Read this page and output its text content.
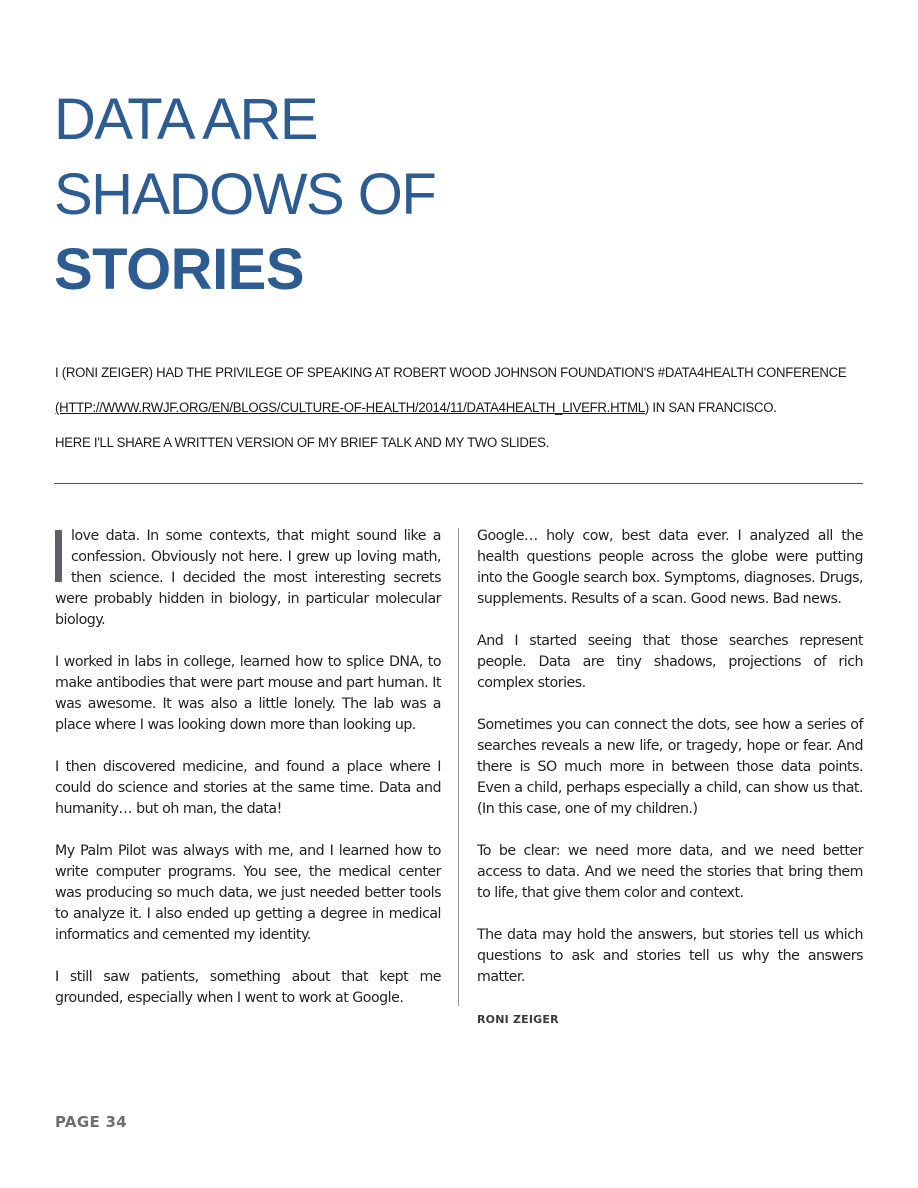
DATA ARE
SHADOWS OF
STORIES
I (RONI ZEIGER) HAD THE PRIVILEGE OF SPEAKING AT ROBERT WOOD JOHNSON FOUNDATION'S #DATA4HEALTH CONFERENCE
(HTTP://WWW.RWJF.ORG/EN/BLOGS/CULTURE-OF-HEALTH/2014/11/DATA4HEALTH_LIVEFR.HTML) IN SAN FRANCISCO.
HERE I'LL SHARE A WRITTEN VERSION OF MY BRIEF TALK AND MY TWO SLIDES.

love data. In some contexts, that might sound like a confession. Obviously not here. I grew up loving math, then science. I decided the most interesting secrets were probably hidden in biology, in particular molecular biology.

I worked in labs in college, learned how to splice DNA, to make antibodies that were part mouse and part human. It was awesome. It was also a little lonely. The lab was a place where I was looking down more than looking up.

I then discovered medicine, and found a place where I could do science and stories at the same time. Data and humanity… but oh man, the data!

My Palm Pilot was always with me, and I learned how to write computer programs. You see, the medical center was producing so much data, we just needed better tools to analyze it. I also ended up getting a degree in medical informatics and cemented my identity.

I still saw patients, something about that kept me grounded, especially when I went to work at Google.

Google… holy cow, best data ever. I analyzed all the health questions people across the globe were putting into the Google search box. Symptoms, diagnoses. Drugs, supplements. Results of a scan. Good news. Bad news.

And I started seeing that those searches represent people. Data are tiny shadows, projections of rich complex stories.

Sometimes you can connect the dots, see how a series of searches reveals a new life, or tragedy, hope or fear. And there is SO much more in between those data points. Even a child, perhaps especially a child, can show us that. (In this case, one of my children.)

To be clear: we need more data, and we need better access to data. And we need the stories that bring them to life, that give them color and context.

The data may hold the answers, but stories tell us which questions to ask and stories tell us why the answers matter.

RONI ZEIGER
PAGE 34
